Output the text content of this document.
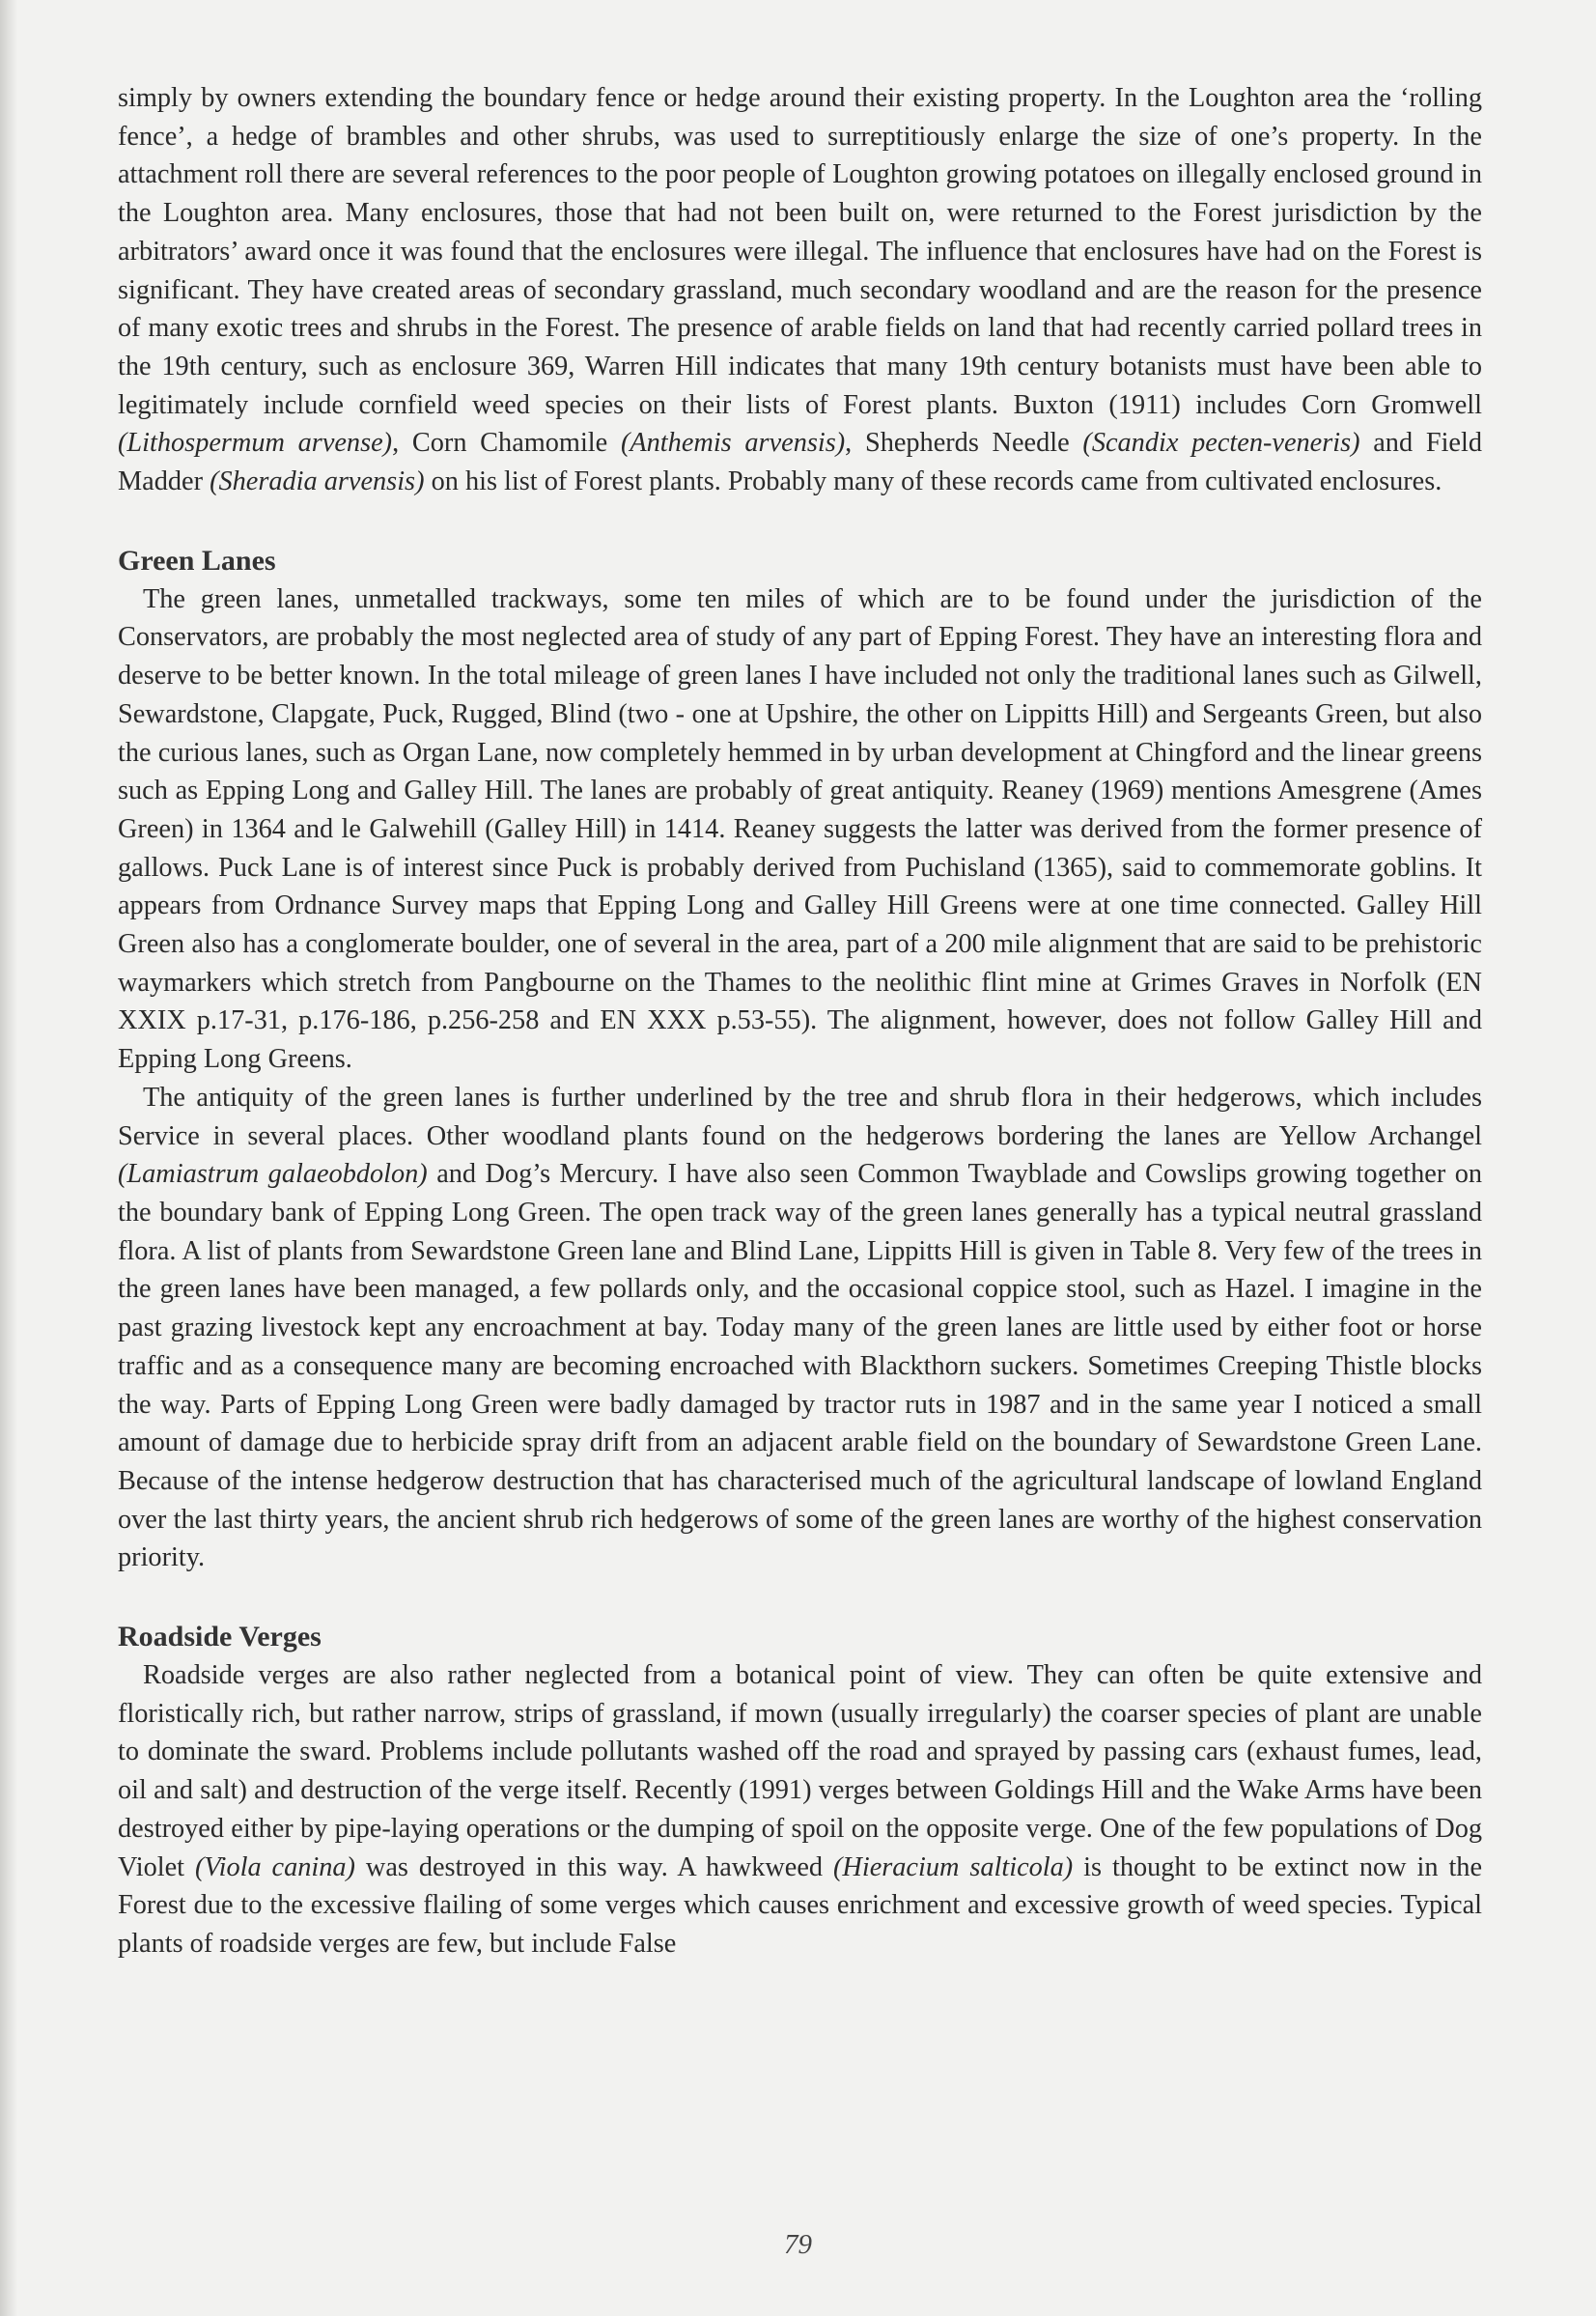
simply by owners extending the boundary fence or hedge around their existing property. In the Loughton area the ‘rolling fence’, a hedge of brambles and other shrubs, was used to surreptitiously enlarge the size of one’s property. In the attachment roll there are several references to the poor people of Loughton growing potatoes on illegally enclosed ground in the Loughton area. Many enclosures, those that had not been built on, were returned to the Forest jurisdiction by the arbitrators’ award once it was found that the enclosures were illegal. The influence that enclosures have had on the Forest is significant. They have created areas of secondary grassland, much secondary woodland and are the reason for the presence of many exotic trees and shrubs in the Forest. The presence of arable fields on land that had recently carried pollard trees in the 19th century, such as enclosure 369, Warren Hill indicates that many 19th century botanists must have been able to legitimately include cornfield weed species on their lists of Forest plants. Buxton (1911) includes Corn Gromwell (Lithospermum arvense), Corn Chamomile (Anthemis arvensis), Shepherds Needle (Scandix pecten-veneris) and Field Madder (Sheradia arvensis) on his list of Forest plants. Probably many of these records came from cultivated enclosures.

Green Lanes

The green lanes, unmetalled trackways, some ten miles of which are to be found under the jurisdiction of the Conservators, are probably the most neglected area of study of any part of Epping Forest. They have an interesting flora and deserve to be better known. In the total mileage of green lanes I have included not only the traditional lanes such as Gilwell, Sewardstone, Clapgate, Puck, Rugged, Blind (two - one at Upshire, the other on Lippitts Hill) and Sergeants Green, but also the curious lanes, such as Organ Lane, now completely hemmed in by urban development at Chingford and the linear greens such as Epping Long and Galley Hill. The lanes are probably of great antiquity. Reaney (1969) mentions Amesgrene (Ames Green) in 1364 and le Galwehill (Galley Hill) in 1414. Reaney suggests the latter was derived from the former presence of gallows. Puck Lane is of interest since Puck is probably derived from Puchisland (1365), said to commemorate goblins. It appears from Ordnance Survey maps that Epping Long and Galley Hill Greens were at one time connected. Galley Hill Green also has a conglomerate boulder, one of several in the area, part of a 200 mile alignment that are said to be prehistoric waymarkers which stretch from Pangbourne on the Thames to the neolithic flint mine at Grimes Graves in Norfolk (EN XXIX p.17-31, p.176-186, p.256-258 and EN XXX p.53-55). The alignment, however, does not follow Galley Hill and Epping Long Greens.

The antiquity of the green lanes is further underlined by the tree and shrub flora in their hedgerows, which includes Service in several places. Other woodland plants found on the hedgerows bordering the lanes are Yellow Archangel (Lamiastrum galaeobdolon) and Dog’s Mercury. I have also seen Common Twayblade and Cowslips growing together on the boundary bank of Epping Long Green. The open track way of the green lanes generally has a typical neutral grassland flora. A list of plants from Sewardstone Green lane and Blind Lane, Lippitts Hill is given in Table 8. Very few of the trees in the green lanes have been managed, a few pollards only, and the occasional coppice stool, such as Hazel. I imagine in the past grazing livestock kept any encroachment at bay. Today many of the green lanes are little used by either foot or horse traffic and as a consequence many are becoming encroached with Blackthorn suckers. Sometimes Creeping Thistle blocks the way. Parts of Epping Long Green were badly damaged by tractor ruts in 1987 and in the same year I noticed a small amount of damage due to herbicide spray drift from an adjacent arable field on the boundary of Sewardstone Green Lane. Because of the intense hedgerow destruction that has characterised much of the agricultural landscape of lowland England over the last thirty years, the ancient shrub rich hedgerows of some of the green lanes are worthy of the highest conservation priority.

Roadside Verges

Roadside verges are also rather neglected from a botanical point of view. They can often be quite extensive and floristically rich, but rather narrow, strips of grassland, if mown (usually irregularly) the coarser species of plant are unable to dominate the sward. Problems include pollutants washed off the road and sprayed by passing cars (exhaust fumes, lead, oil and salt) and destruction of the verge itself. Recently (1991) verges between Goldings Hill and the Wake Arms have been destroyed either by pipe-laying operations or the dumping of spoil on the opposite verge. One of the few populations of Dog Violet (Viola canina) was destroyed in this way. A hawkweed (Hieracium salticola) is thought to be extinct now in the Forest due to the excessive flailing of some verges which causes enrichment and excessive growth of weed species. Typical plants of roadside verges are few, but include False

79
